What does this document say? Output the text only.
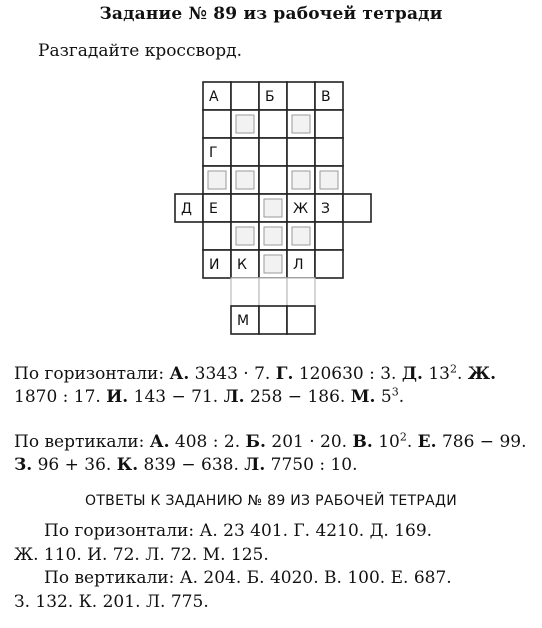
Задание № 89 из рабочей тетради
Разгадайте кроссворд.
А	Б	В
Г
Д Е	Ж З
И К	Л
М
По горизонтали: А. 3343 · 7. Г. 120630 : 3. Д. $13^2$. Ж. 1870 : 17. И. 143 − 71. Л. 258 − 186. М. $5^3$.
По вертикали: А. 408 : 2. Б. 201 · 20. В. $10^2$. Е. 786 − 99. З. 96 + 36. К. 839 − 638. Л. 7750 : 10.
ОТВЕТЫ К ЗАДАНИЮ № 89 ИЗ РАБОЧЕЙ ТЕТРАДИ
По горизонтали: А. 23 401. Г. 4210. Д. 169.
Ж. 110. И. 72. Л. 72. М. 125.
По вертикали: А. 204. Б. 4020. В. 100. Е. 687.
З. 132. К. 201. Л. 775.
